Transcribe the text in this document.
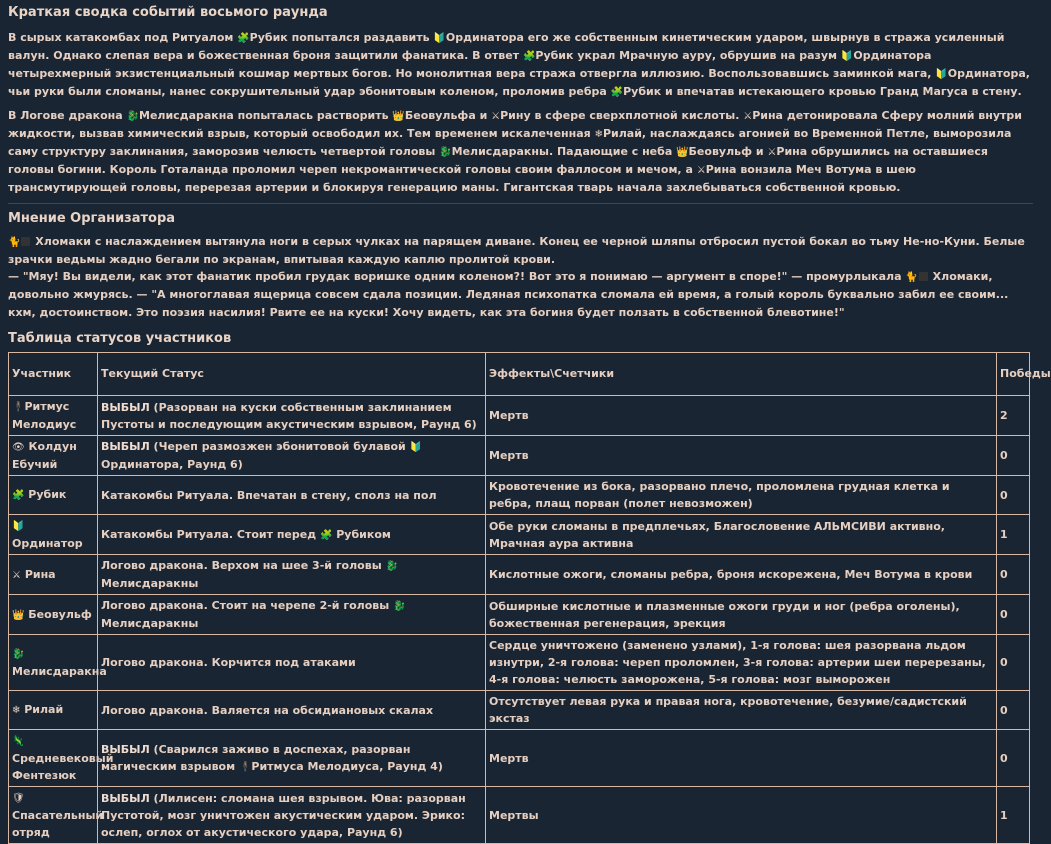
Краткая сводка событий восьмого раунда

В сырых катакомбах под Ритуалом 🧩Рубик попытался раздавить 🔰Ординатора его же собственным кинетическим ударом, швырнув в стража усиленный валун. Однако слепая вера и божественная броня защитили фанатика. В ответ 🧩Рубик украл Мрачную ауру, обрушив на разум 🔰Ординатора четырехмерный экзистенциальный кошмар мертвых богов. Но монолитная вера стража отвергла иллюзию. Воспользовавшись заминкой мага, 🔰Ординатора, чьи руки были сломаны, нанес сокрушительный удар эбонитовым коленом, проломив ребра 🧩Рубик и впечатав истекающего кровью Гранд Магуса в стену.

В Логове дракона 🐉Мелисдаракна попыталась растворить 👑Беовульфа и ⚔Рину в сфере сверхплотной кислоты. ⚔Рина детонировала Сферу молний внутри жидкости, вызвав химический взрыв, который освободил их. Тем временем искалеченная ❄Рилай, наслаждаясь агонией во Временной Петле, выморозила саму структуру заклинания, заморозив челюсть четвертой головы 🐉Мелисдаракны. Падающие с неба 👑Беовульф и ⚔Рина обрушились на оставшиеся головы богини. Король Готаланда проломил череп некромантической головы своим фаллосом и мечом, а ⚔Рина вонзила Меч Вотума в шею трансмутирующей головы, перерезая артерии и блокируя генерацию маны. Гигантская тварь начала захлебываться собственной кровью.

Мнение Организатора

🐈 Хломаки с наслаждением вытянула ноги в серых чулках на парящем диване. Конец ее черной шляпы отбросил пустой бокал во тьму Не-но-Куни. Белые зрачки ведьмы жадно бегали по экранам, впитывая каждую каплю пролитой крови.

— "Мяу! Вы видели, как этот фанатик пробил грудак воришке одним коленом?! Вот это я понимаю — аргумент в споре!" — промурлыкала 🐈 Хломаки, довольно жмурясь. — "А многоглавая ящерица совсем сдала позиции. Ледяная психопатка сломала ей время, а голый король буквально забил ее своим... кхм, достоинством. Это поэзия насилия! Рвите ее на куски! Хочу видеть, как эта богиня будет ползать в собственной блевотине!"

Таблица статусов участников
Участник	Текущий Статус	Эффекты\Счетчики	Победы
🕴Ритмус Мелодиус	ВЫБЫЛ (Разорван на куски собственным заклинанием Пустоты и последующим акустическим взрывом, Раунд 6)	Мертв	2
👁 Колдун Ебучий	ВЫБЫЛ (Череп размозжен эбонитовой булавой 🔰Ординатора, Раунд 6)	Мертв	0
🧩 Рубик	Катакомбы Ритуала. Впечатан в стену, сполз на пол	Кровотечение из бока, разорвано плечо, проломлена грудная клетка и ребра, плащ порван (полет невозможен)	0
🔰 Ординатор	Катакомбы Ритуала. Стоит перед 🧩 Рубиком	Обе руки сломаны в предплечьях, Благословение АЛЬМСИВИ активно, Мрачная аура активна	1
⚔ Рина	Логово дракона. Верхом на шее 3-й головы 🐉 Мелисдаракны	Кислотные ожоги, сломаны ребра, броня искорежена, Меч Вотума в крови	0
👑 Беовульф	Логово дракона. Стоит на черепе 2-й головы 🐉 Мелисдаракны	Обширные кислотные и плазменные ожоги груди и ног (ребра оголены), божественная регенерация, эрекция	0
🐉
Мелисдаракна	Логово дракона. Корчится под атаками	Сердце уничтожено (заменено узлами), 1-я голова: шея разорвана льдом изнутри, 2-я голова: череп проломлен, 3-я голова: артерии шеи перерезаны, 4-я голова: челюсть заморожена, 5-я голова: мозг выморожен	0
❄ Рилай	Логово дракона. Валяется на обсидиановых скалах	Отсутствует левая рука и правая нога, кровотечение, безумие/садистский экстаз	0
🦎
Средневековый Фентезюк	ВЫБЫЛ (Сварился заживо в доспехах, разорван магическим взрывом 🕴Ритмуса Мелодиуса, Раунд 4)	Мертв	0
🛡
Спасательный отряд	ВЫБЫЛ (Лилисен: сломана шея взрывом. Юва: разорван Пустотой, мозг уничтожен акустическим ударом. Эрико: ослеп, оглох от акустического удара, Раунд 6)	Мертвы	1
